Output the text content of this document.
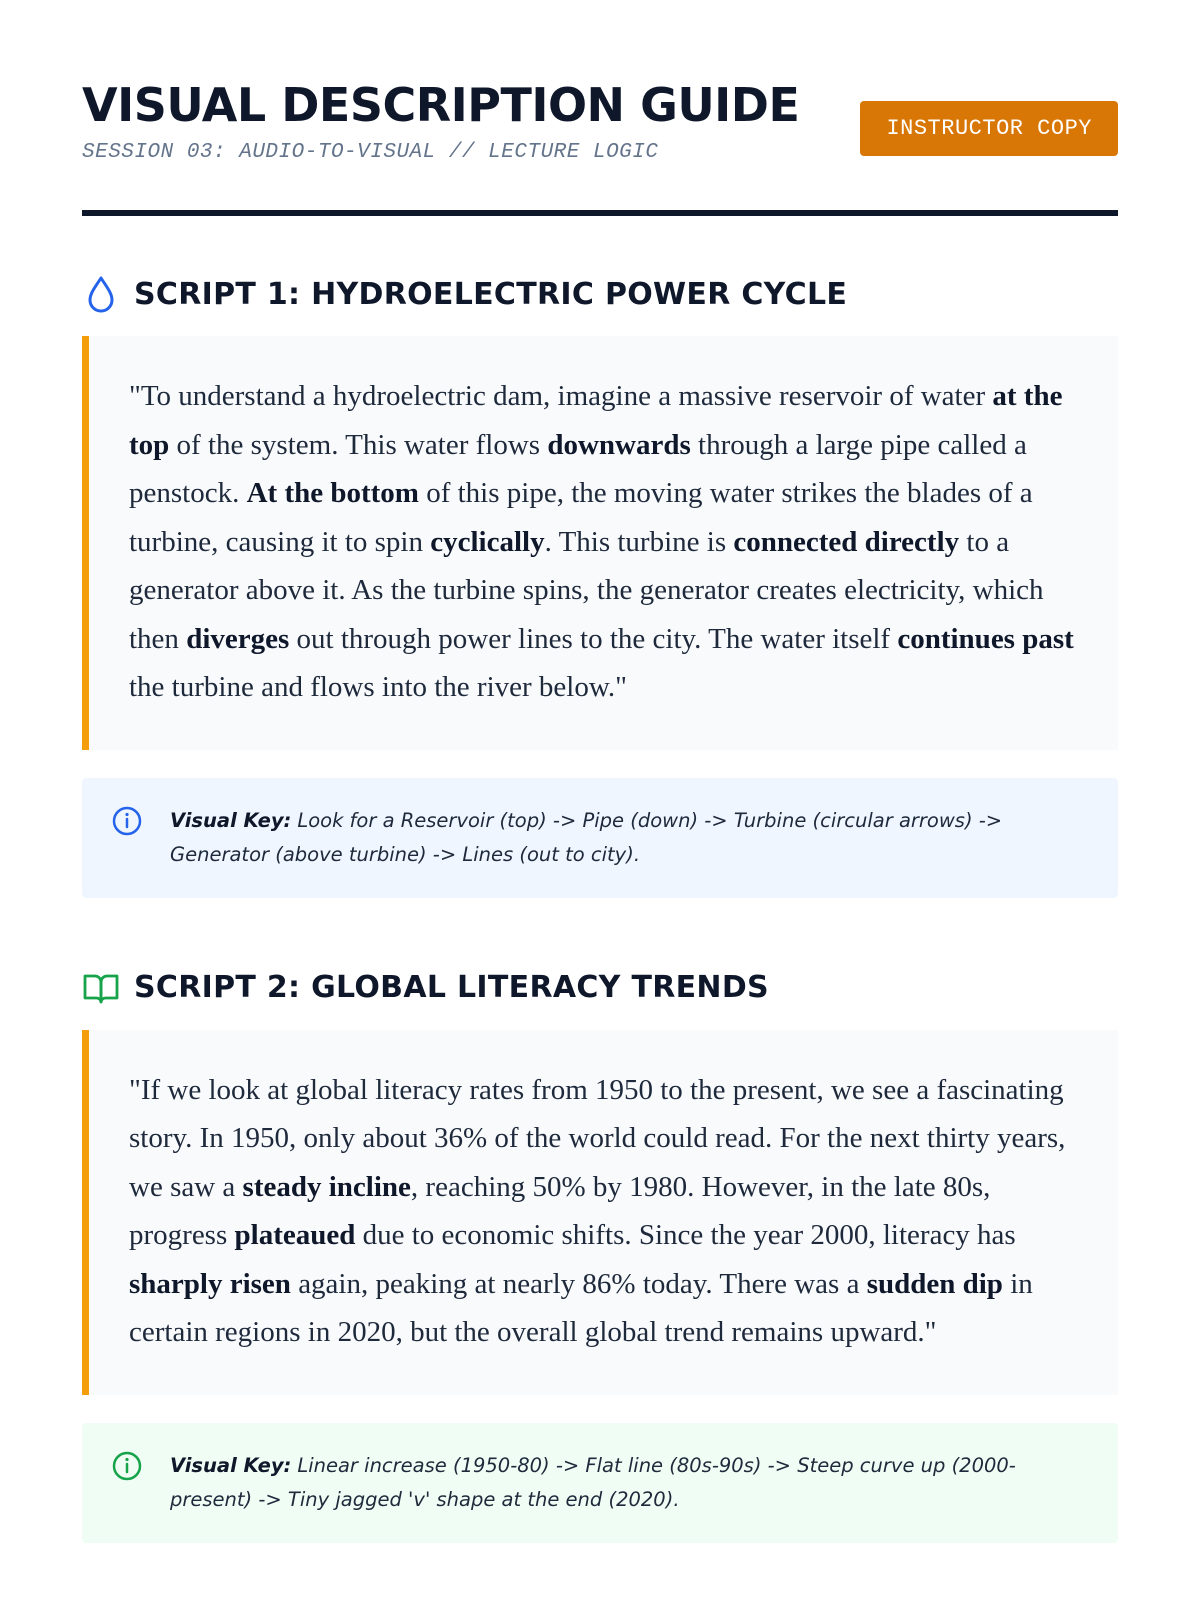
VISUAL DESCRIPTION GUIDE
SESSION 03: AUDIO-TO-VISUAL // LECTURE LOGIC
INSTRUCTOR COPY
SCRIPT 1: HYDROELECTRIC POWER CYCLE
"To understand a hydroelectric dam, imagine a massive reservoir of water at the top of the system. This water flows downwards through a large pipe called a penstock. At the bottom of this pipe, the moving water strikes the blades of a turbine, causing it to spin cyclically. This turbine is connected directly to a generator above it. As the turbine spins, the generator creates electricity, which then diverges out through power lines to the city. The water itself continues past the turbine and flows into the river below."
Visual Key: Look for a Reservoir (top) -> Pipe (down) -> Turbine (circular arrows) -> Generator (above turbine) -> Lines (out to city).
SCRIPT 2: GLOBAL LITERACY TRENDS
"If we look at global literacy rates from 1950 to the present, we see a fascinating story. In 1950, only about 36% of the world could read. For the next thirty years, we saw a steady incline, reaching 50% by 1980. However, in the late 80s, progress plateaued due to economic shifts. Since the year 2000, literacy has sharply risen again, peaking at nearly 86% today. There was a sudden dip in certain regions in 2020, but the overall global trend remains upward."
Visual Key: Linear increase (1950-80) -> Flat line (80s-90s) -> Steep curve up (2000-present) -> Tiny jagged 'v' shape at the end (2020).
